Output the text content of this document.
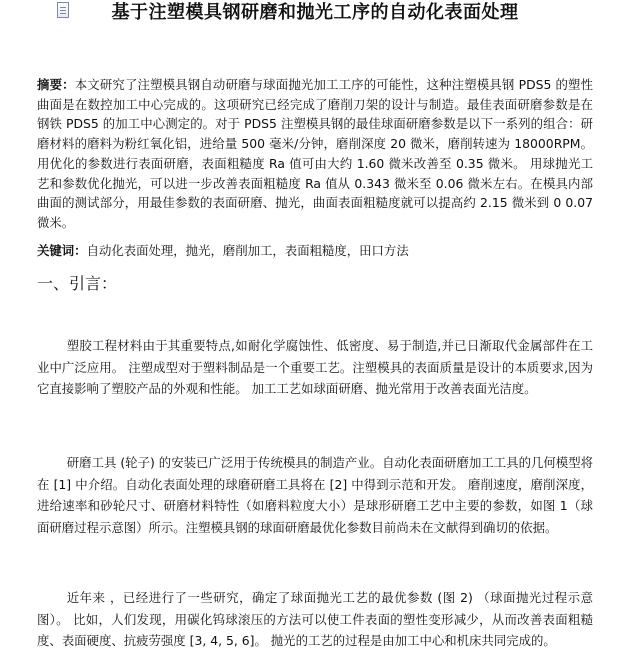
基于注塑模具钢研磨和抛光工序的自动化表面处理
摘要：本文研究了注塑模具钢自动研磨与球面抛光加工工序的可能性，这种注塑模具钢 PDS5 的塑性曲面是在数控加工中心完成的。这项研究已经完成了磨削刀架的设计与制造。最佳表面研磨参数是在钢铁 PDS5 的加工中心测定的。对于 PDS5 注塑模具钢的最佳球面研磨参数是以下一系列的组合：研磨材料的磨料为粉红氧化铝，进给量 500 毫米/分钟，磨削深度 20 微米，磨削转速为 18000RPM。用优化的参数进行表面研磨，表面粗糙度 Ra 值可由大约 1.60 微米改善至 0.35 微米。 用球抛光工艺和参数优化抛光，可以进一步改善表面粗糙度 Ra 值从 0.343 微米至 0.06 微米左右。在模具内部曲面的测试部分，用最佳参数的表面研磨、抛光，曲面表面粗糙度就可以提高约 2.15 微米到 0 0.07 微米。
关键词：自动化表面处理，抛光，磨削加工，表面粗糙度，田口方法
一、引言：

塑胶工程材料由于其重要特点,如耐化学腐蚀性、低密度、易于制造,并已日渐取代金属部件在工业中广泛应用。 注塑成型对于塑料制品是一个重要工艺。注塑模具的表面质量是设计的本质要求,因为它直接影响了塑胶产品的外观和性能。 加工工艺如球面研磨、抛光常用于改善表面光洁度。

研磨工具 (轮子) 的安装已广泛用于传统模具的制造产业。自动化表面研磨加工工具的几何模型将在 [1] 中介绍。自动化表面处理的球磨研磨工具将在 [2] 中得到示范和开发。 磨削速度，磨削深度，进给速率和砂轮尺寸、研磨材料特性（如磨料粒度大小）是球形研磨工艺中主要的参数，如图 1（球面研磨过程示意图）所示。注塑模具钢的球面研磨最优化参数目前尚未在文献得到确切的依据。

近年来 ，已经进行了一些研究，确定了球面抛光工艺的最优参数 (图 2) （球面抛光过程示意图）。 比如，人们发现，用碳化钨球滚压的方法可以使工件表面的塑性变形减少，从而改善表面粗糙度、表面硬度、抗疲劳强度 [3, 4, 5, 6]。 抛光的工艺的过程是由加工中心和机床共同完成的。
